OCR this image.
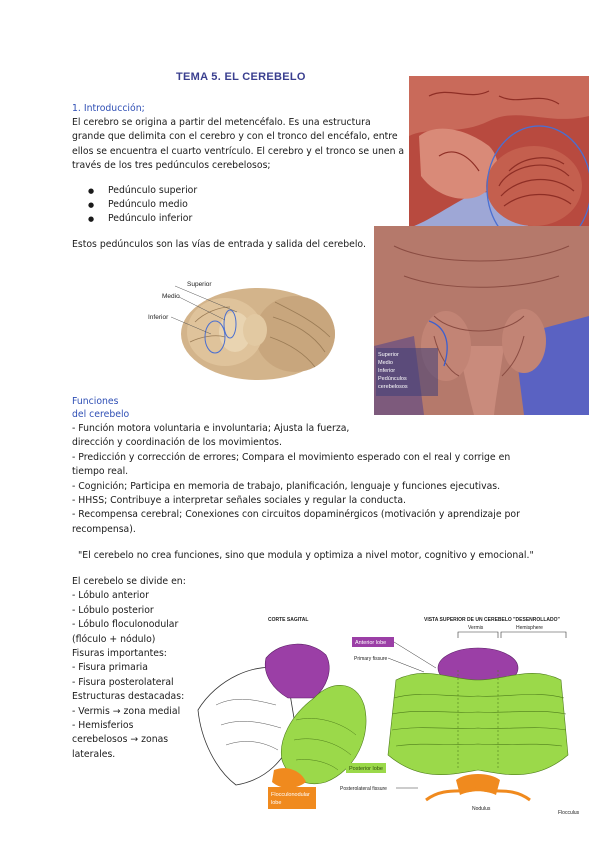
TEMA 5. EL CEREBELO
1. Introducción;
El cerebro se origina a partir del metencéfalo. Es una estructura
grande que delimita con el cerebro y con el tronco del encéfalo, entre
ellos se encuentra el cuarto ventrículo. El cerebro y el tronco se unen a
través de los tres pedúnculos cerebelosos;
● Pedúnculo superior
● Pedúnculo medio
● Pedúnculo inferior
Estos pedúnculos son las vías de entrada y salida del cerebelo.
Superior
Medio
Inferior
Pedúnculos
cerebelosos
Superior
Medio
Inferior
Funciones
del cerebelo
- Función motora voluntaria e involuntaria; Ajusta la fuerza,
dirección y coordinación de los movimientos.
- Predicción y corrección de errores; Compara el movimiento esperado con el real y corrige en
tiempo real.
- Cognición; Participa en memoria de trabajo, planificación, lenguaje y funciones ejecutivas.
- HHSS; Contribuye a interpretar señales sociales y regular la conducta.
- Recompensa cerebral; Conexiones con circuitos dopaminérgicos (motivación y aprendizaje por
recompensa).
"El cerebelo no crea funciones, sino que modula y optimiza a nivel motor, cognitivo y emocional."
El cerebelo se divide en:
- Lóbulo anterior
- Lóbulo posterior
- Lóbulo floculonodular
(flóculo + nódulo)
Fisuras importantes:
- Fisura primaria
- Fisura posterolateral
Estructuras destacadas:
- Vermis → zona medial
- Hemisferios
cerebelosos → zonas
laterales.
CORTE SAGITAL	VISTA SUPERIOR DE UN CEREBELO "DESENROLLADO"
Vermis	Hemisphere
Anterior lobe
Primary fissure
Posterior lobe
Flocculonodular
lobe
Posterolateral fissure
Nodulus
Flocculus
